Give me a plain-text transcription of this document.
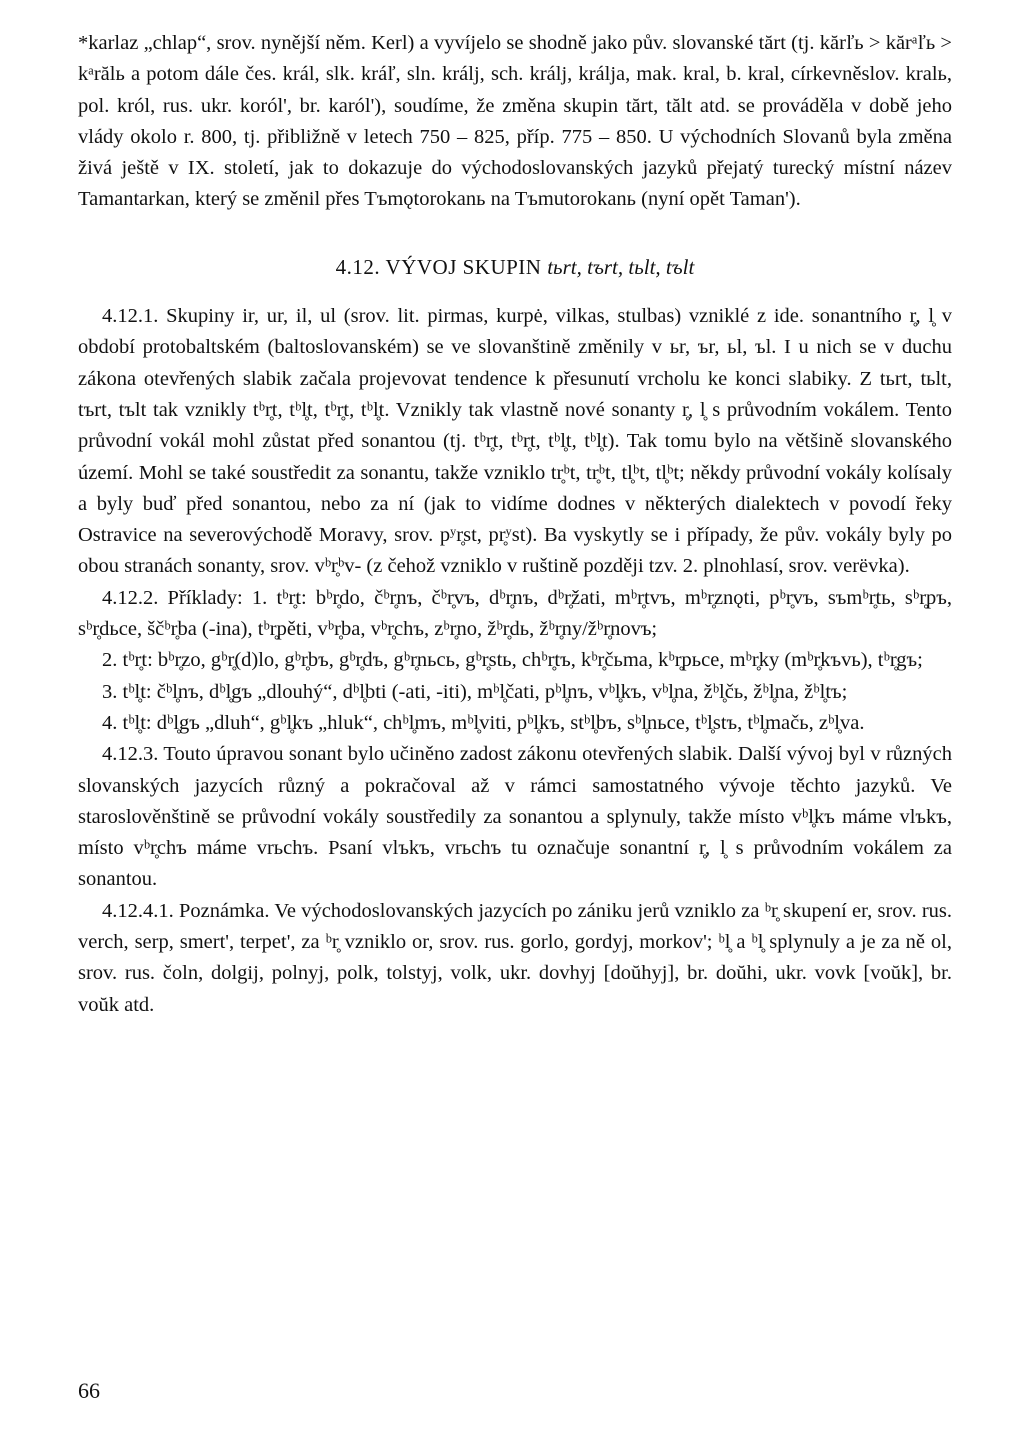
*karlaz „chlap“, srov. nynější něm. Kerl) a vyvíjelo se shodně jako pův. slovanské tărt (tj. kărľь > kărᵃľь > kᵃrălь a potom dále čes. král, slk. kráľ, sln. králj, sch. králj, králja, mak. kral, b. kral, církevněslov. kralь, pol. król, rus. ukr. koról', br. karól'), soudíme, že změna skupin tărt, tălt atd. se prováděla v době jeho vlády okolo r. 800, tj. přibližně v letech 750 – 825, příp. 775 – 850. U východních Slovanů byla změna živá ještě v IX. století, jak to dokazuje do východoslovanských jazyků přejatý turecký místní název Tamantarkan, který se změnil přes Tъmǫtorokanь na Tъmutorokanь (nyní opět Taman').

4.12. VÝVOJ SKUPIN tьrt, tъrt, tьlt, tъlt

4.12.1. Skupiny ir, ur, il, ul (srov. lit. pirmas, kurpė, vilkas, stulbas) vzniklé z ide. sonantního r̥, l̥ v období protobaltském (baltoslovanském) se ve slovanštině změnily v ьr, ъr, ьl, ъl. I u nich se v duchu zákona otevřených slabik začala projevovat tendence k přesunutí vrcholu ke konci slabiky. Z tьrt, tьlt, tъrt, tъlt tak vznikly tᵇr̥t, tᵇl̥t, tᵇr̥t, tᵇl̥t. Vznikly tak vlastně nové sonanty r̥, l̥ s průvodním vokálem. Tento průvodní vokál mohl zůstat před sonantou (tj. tᵇr̥t, tᵇr̥t, tᵇl̥t, tᵇl̥t). Tak tomu bylo na většině slovanského území. Mohl se také soustředit za sonantu, takže vzniklo tr̥ᵇt, tr̥ᵇt, tl̥ᵇt, tl̥ᵇt; někdy průvodní vokály kolísaly a byly buď před sonantou, nebo za ní (jak to vidíme dodnes v některých dialektech v povodí řeky Ostravice na severovýchodě Moravy, srov. pʸr̥st, pr̥ʸst). Ba vyskytly se i případy, že pův. vokály byly po obou stranách sonanty, srov. vᵇr̥ᵇv- (z čehož vzniklo v ruštině později tzv. 2. plnohlasí, srov. verëvka).

4.12.2. Příklady: 1. tᵇr̥t: bᵇr̥do, čᵇr̥nъ, čᵇr̥vъ, dᵇr̥nъ, dᵇr̥žati, mᵇr̥tvъ, mᵇr̥znǫti, pᵇr̥vъ, sъmᵇr̥tь, sᵇr̥pъ, sᵇr̥dьce, ščᵇr̥ba (-ina), tᵇr̥pěti, vᵇr̥ba, vᵇr̥chъ, zᵇr̥no, žᵇr̥dь, žᵇr̥ny/žᵇr̥novъ;

2. tᵇr̥t: bᵇr̥zo, gᵇr̥(d)lo, gᵇr̥bъ, gᵇr̥dъ, gᵇr̥nьcь, gᵇr̥stь, chᵇr̥tъ, kᵇr̥čьma, kᵇr̥pьce, mᵇr̥ky (mᵇr̥kъvь), tᵇr̥gъ;

3. tᵇl̥t: čᵇl̥nъ, dᵇl̥gъ „dlouhý“, dᵇl̥bti (-ati, -iti), mᵇl̥čati, pᵇl̥nъ, vᵇl̥kъ, vᵇl̥na, žᵇl̥čь, žᵇl̥na, žᵇl̥tъ;

4. tᵇl̥t: dᵇl̥gъ „dluh“, gᵇl̥kъ „hluk“, chᵇl̥mъ, mᵇl̥viti, pᵇl̥kъ, stᵇl̥bъ, sᵇl̥nьce, tᵇl̥stъ, tᵇl̥mačь, zᵇl̥va.

4.12.3. Touto úpravou sonant bylo učiněno zadost zákonu otevřených slabik. Další vývoj byl v různých slovanských jazycích různý a pokračoval až v rámci samostatného vývoje těchto jazyků. Ve staroslověnštině se průvodní vokály soustředily za sonantou a splynuly, takže místo vᵇl̥kъ máme vlъkъ, místo vᵇr̥chъ máme vrьchъ. Psaní vlъkъ, vrьchъ tu označuje sonantní r̥, l̥ s průvodním vokálem za sonantou.

4.12.4.1. Poznámka. Ve východoslovanských jazycích po zániku jerů vzniklo za ᵇr̥ skupení er, srov. rus. verch, serp, smert', terpet', za ᵇr̥ vzniklo or, srov. rus. gorlo, gordyj, morkov'; ᵇl̥ a ᵇl̥ splynuly a je za ně ol, srov. rus. čoln, dolgij, polnyj, polk, tolstyj, volk, ukr. dovhyj [doŭhyj], br. doŭhi, ukr. vovk [voŭk], br. voŭk atd.

66
